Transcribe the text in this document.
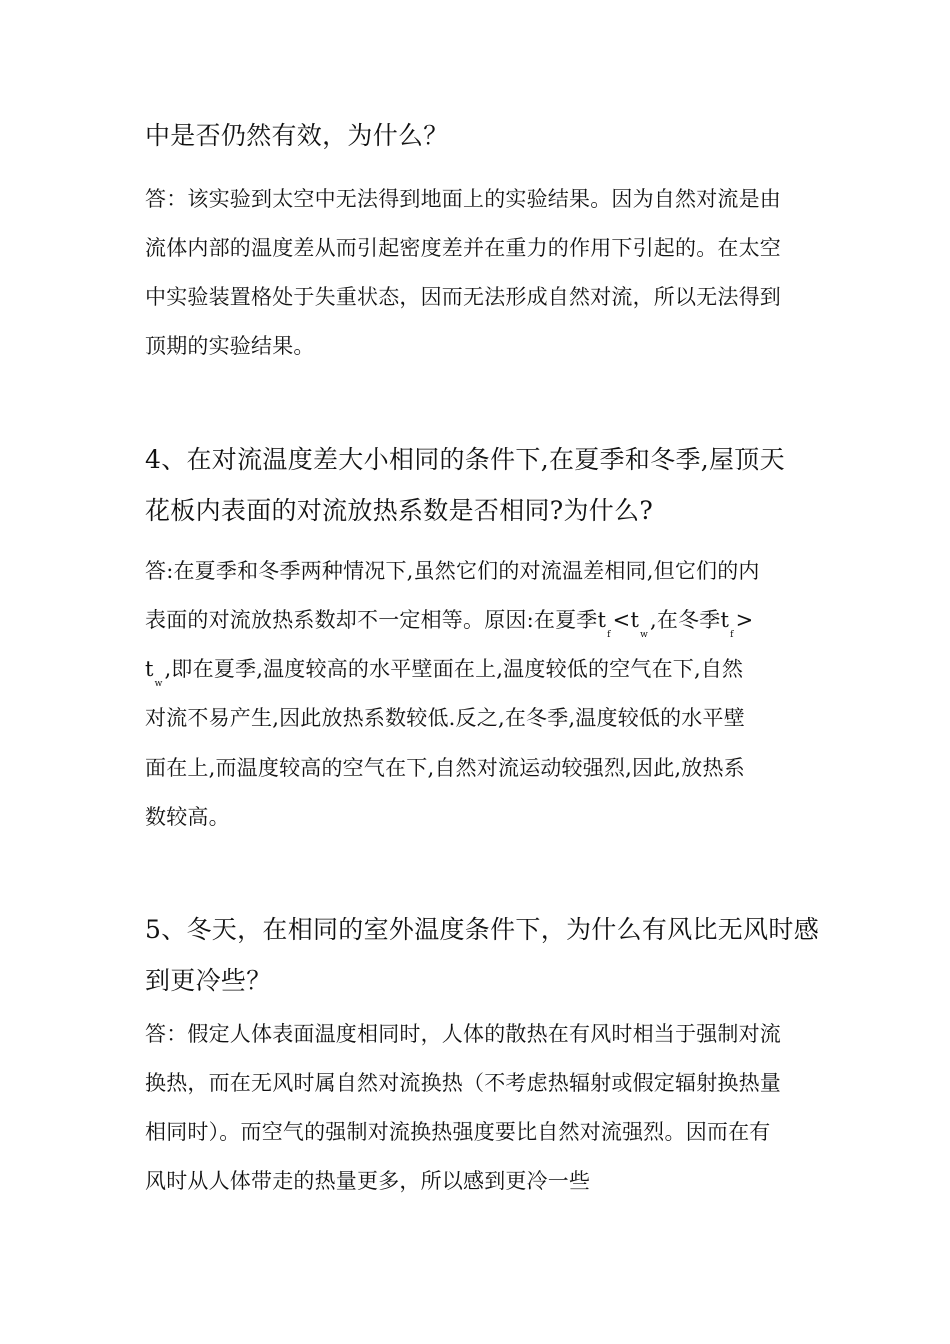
中是否仍然有效，为什么？
答：该实验到太空中无法得到地面上的实验结果。因为自然对流是由
流体内部的温度差从而引起密度差并在重力的作用下引起的。在太空
中实验装置格处于失重状态，因而无法形成自然对流，所以无法得到
顶期的实验结果。
4、在对流温度差大小相同的条件下,在夏季和冬季,屋顶天
花板内表面的对流放热系数是否相同?为什么?
答:在夏季和冬季两种情况下,虽然它们的对流温差相同,但它们的内
表面的对流放热系数却不一定相等。原因:在夏季$t_f<t_w$,在冬季$t_f>$
$t_w$,即在夏季,温度较高的水平壁面在上,温度较低的空气在下,自然
对流不易产生,因此放热系数较低.反之,在冬季,温度较低的水平壁
面在上,而温度较高的空气在下,自然对流运动较强烈,因此,放热系
数较高。
5、冬天，在相同的室外温度条件下，为什么有风比无风时感
到更冷些？
答：假定人体表面温度相同时，人体的散热在有风时相当于强制对流
换热，而在无风时属自然对流换热（不考虑热辐射或假定辐射换热量
相同时）。而空气的强制对流换热强度要比自然对流强烈。因而在有
风时从人体带走的热量更多，所以感到更冷一些
